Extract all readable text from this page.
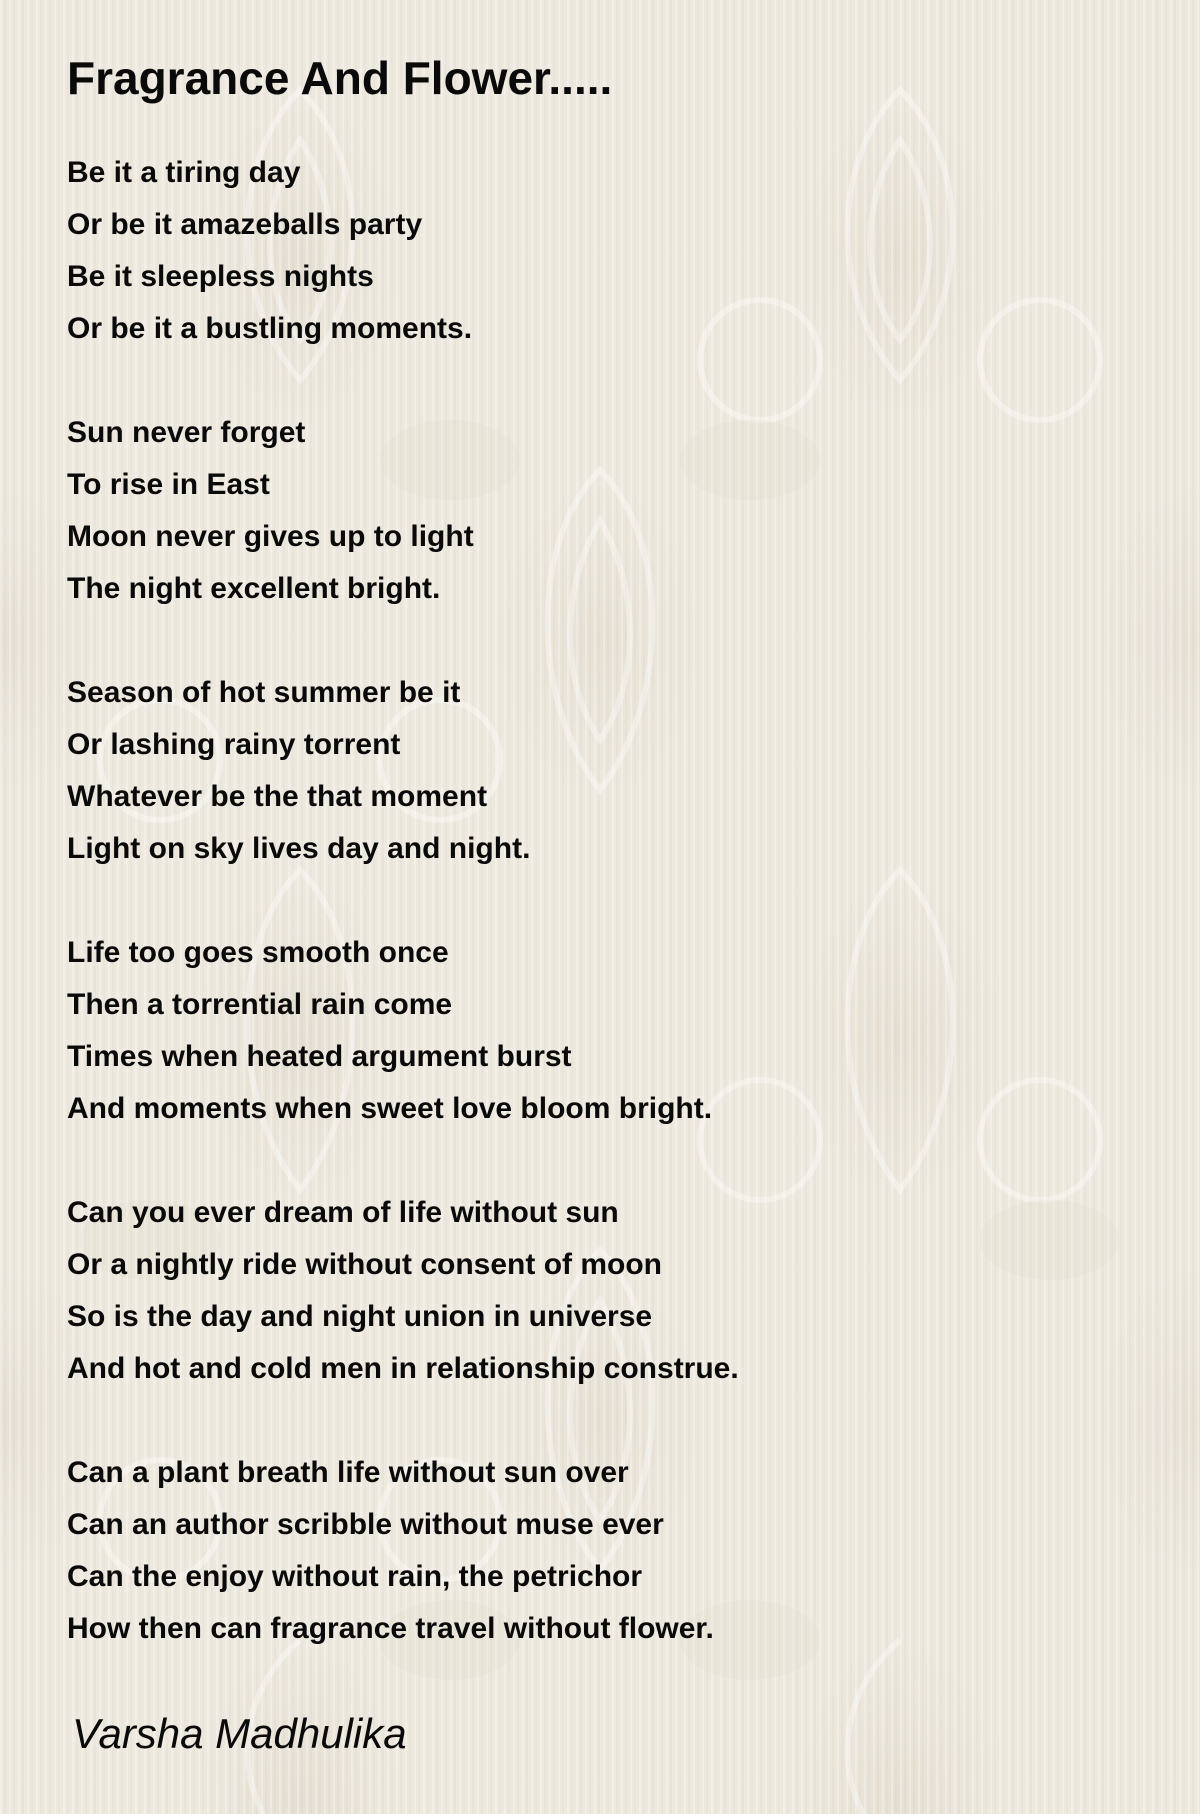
Fragrance And Flower.....
Be it a tiring day
Or be it amazeballs party
Be it sleepless nights
Or be it a bustling moments.
Sun never forget
To rise in East
Moon never gives up to light
The night excellent bright.
Season of hot summer be it
Or lashing rainy torrent
Whatever be the that moment
Light on sky lives day and night.
Life too goes smooth once
Then a torrential rain come
Times when heated argument burst
And moments when sweet love bloom bright.
Can you ever dream of life without sun
Or a nightly ride without consent of moon
So is the day and night union in universe
And hot and cold men in relationship construe.
Can a plant breath life without sun over
Can an author scribble without muse ever
Can the enjoy without rain, the petrichor
How then can fragrance travel without flower.

Varsha Madhulika
